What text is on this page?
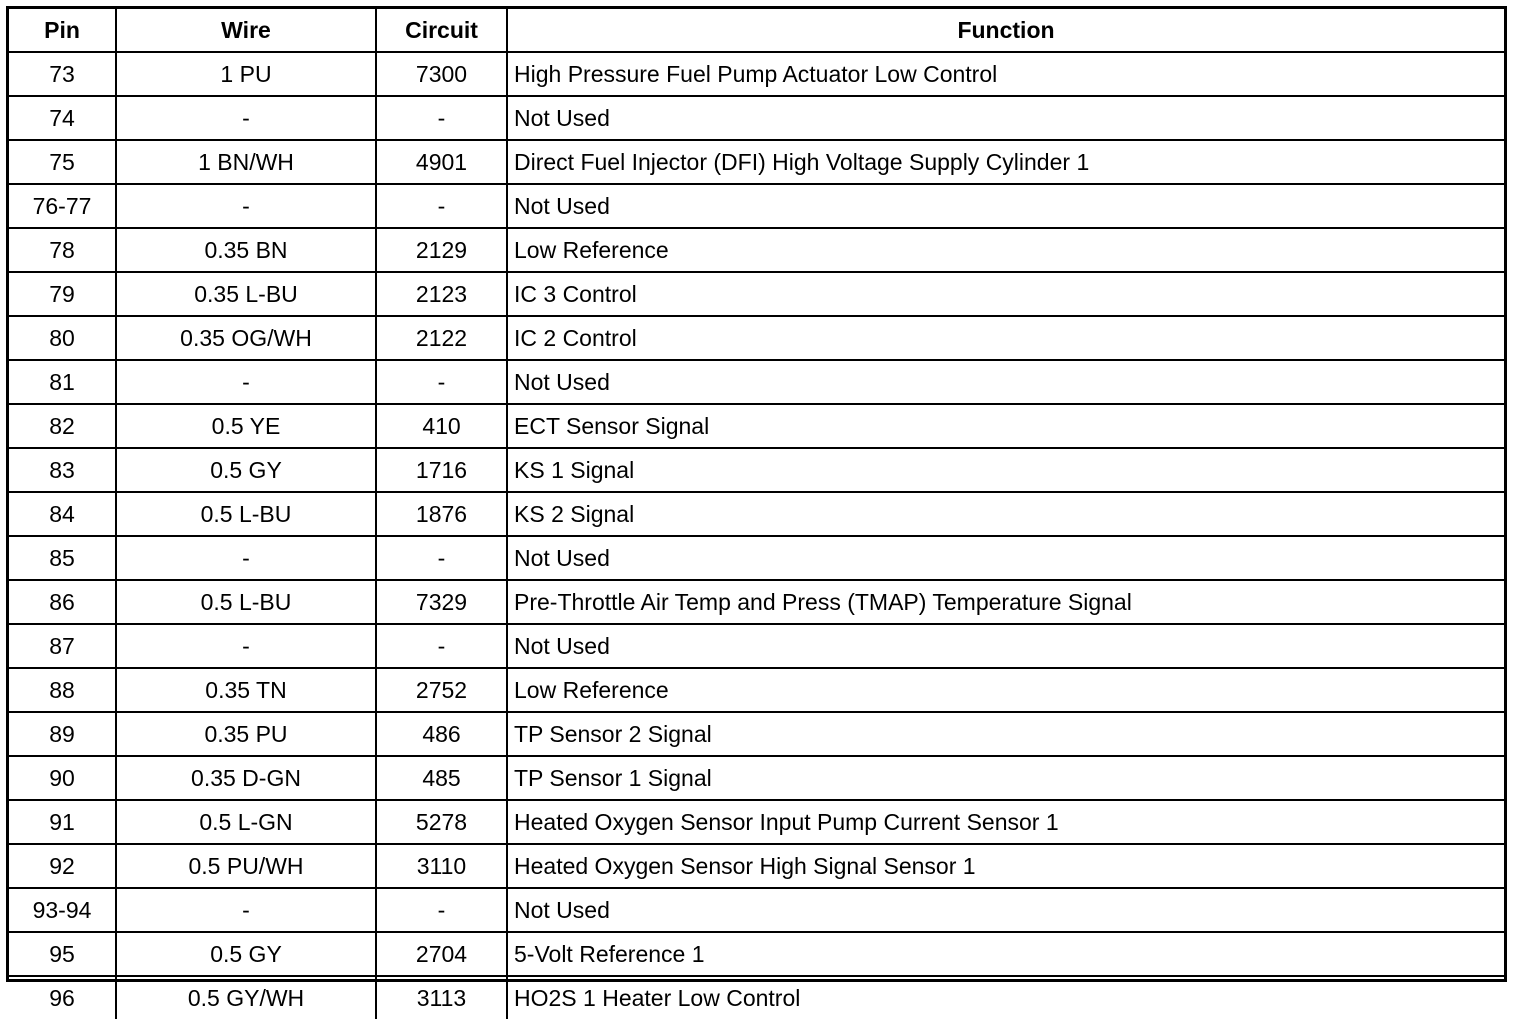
Pin	Wire	Circuit	Function
73	1 PU	7300	High Pressure Fuel Pump Actuator Low Control
74	-	-	Not Used
75	1 BN/WH	4901	Direct Fuel Injector (DFI) High Voltage Supply Cylinder 1
76-77	-	-	Not Used
78	0.35 BN	2129	Low Reference
79	0.35 L-BU	2123	IC 3 Control
80	0.35 OG/WH	2122	IC 2 Control
81	-	-	Not Used
82	0.5 YE	410	ECT Sensor Signal
83	0.5 GY	1716	KS 1 Signal
84	0.5 L-BU	1876	KS 2 Signal
85	-	-	Not Used
86	0.5 L-BU	7329	Pre-Throttle Air Temp and Press (TMAP) Temperature Signal
87	-	-	Not Used
88	0.35 TN	2752	Low Reference
89	0.35 PU	486	TP Sensor 2 Signal
90	0.35 D-GN	485	TP Sensor 1 Signal
91	0.5 L-GN	5278	Heated Oxygen Sensor Input Pump Current Sensor 1
92	0.5 PU/WH	3110	Heated Oxygen Sensor High Signal Sensor 1
93-94	-	-	Not Used
95	0.5 GY	2704	5-Volt Reference 1
96	0.5 GY/WH	3113	HO2S 1 Heater Low Control
